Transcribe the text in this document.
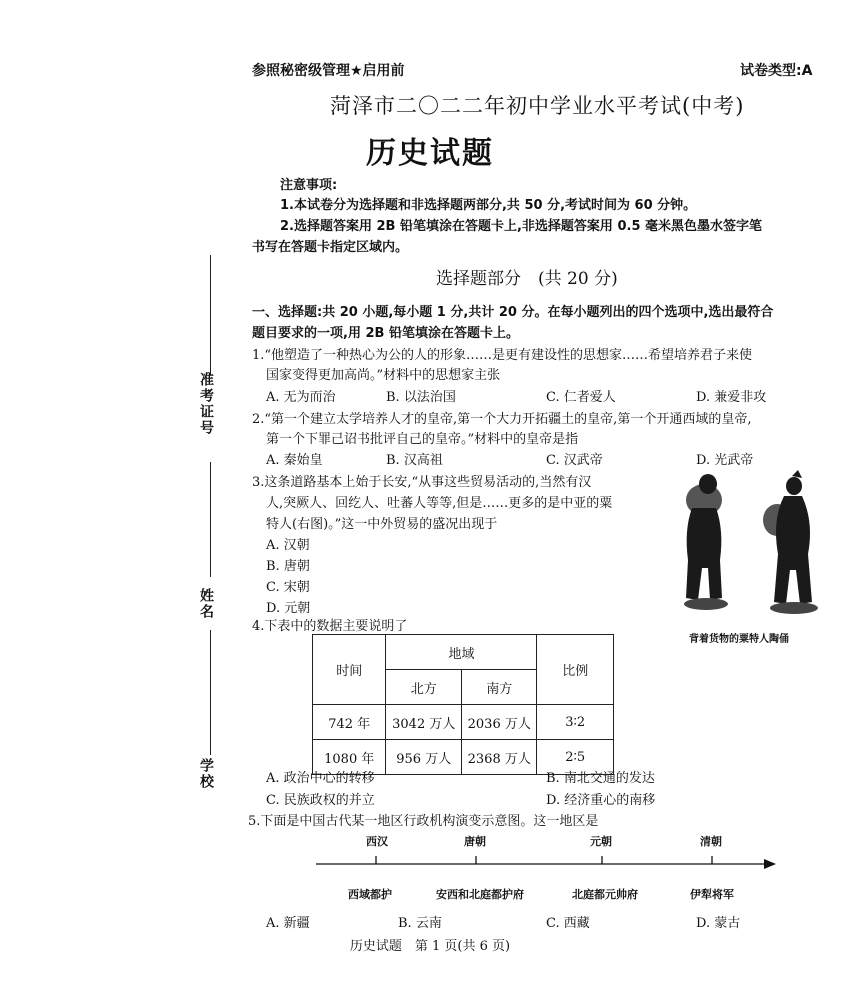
参照秘密级管理★启用前	试卷类型:A
菏泽市二〇二二年初中学业水平考试(中考)
历史试题
注意事项:
1.本试卷分为选择题和非选择题两部分,共 50 分,考试时间为 60 分钟。
2.选择题答案用 2B 铅笔填涂在答题卡上,非选择题答案用 0.5 毫米黑色墨水签字笔
书写在答题卡指定区域内。
选择题部分　(共 20 分)
一、选择题:共 20 小题,每小题 1 分,共计 20 分。在每小题列出的四个选项中,选出最符合
题目要求的一项,用 2B 铅笔填涂在答题卡上。
准考证号
姓名
学校
1.“他塑造了一种热心为公的人的形象……是更有建设性的思想家……希望培养君子来使
国家变得更加高尚。”材料中的思想家主张
A. 无为而治	B. 以法治国	C. 仁者爱人	D. 兼爱非攻
2.“第一个建立太学培养人才的皇帝,第一个大力开拓疆土的皇帝,第一个开通西域的皇帝,
第一个下罪己诏书批评自己的皇帝。”材料中的皇帝是指
A. 秦始皇	B. 汉高祖	C. 汉武帝	D. 光武帝
3.这条道路基本上始于长安,“从事这些贸易活动的,当然有汉
人,突厥人、回纥人、吐蕃人等等,但是……更多的是中亚的粟
特人(右图)。”这一中外贸易的盛况出现于
A. 汉朝
B. 唐朝
C. 宋朝
D. 元朝
背着货物的粟特人陶俑
4.下表中的数据主要说明了
时间	地域		比例
	北方	南方	
742 年	3042 万人	2036 万人	3∶2
1080 年	956 万人	2368 万人	2∶5
A. 政治中心的转移	B. 南北交通的发达
C. 民族政权的并立	D. 经济重心的南移
5.下面是中国古代某一地区行政机构演变示意图。这一地区是
西汉	唐朝	元朝	清朝
西域都护	安西和北庭都护府	北庭都元帅府	伊犁将军
A. 新疆	B. 云南	C. 西藏	D. 蒙古
历史试题　第 1 页(共 6 页)
